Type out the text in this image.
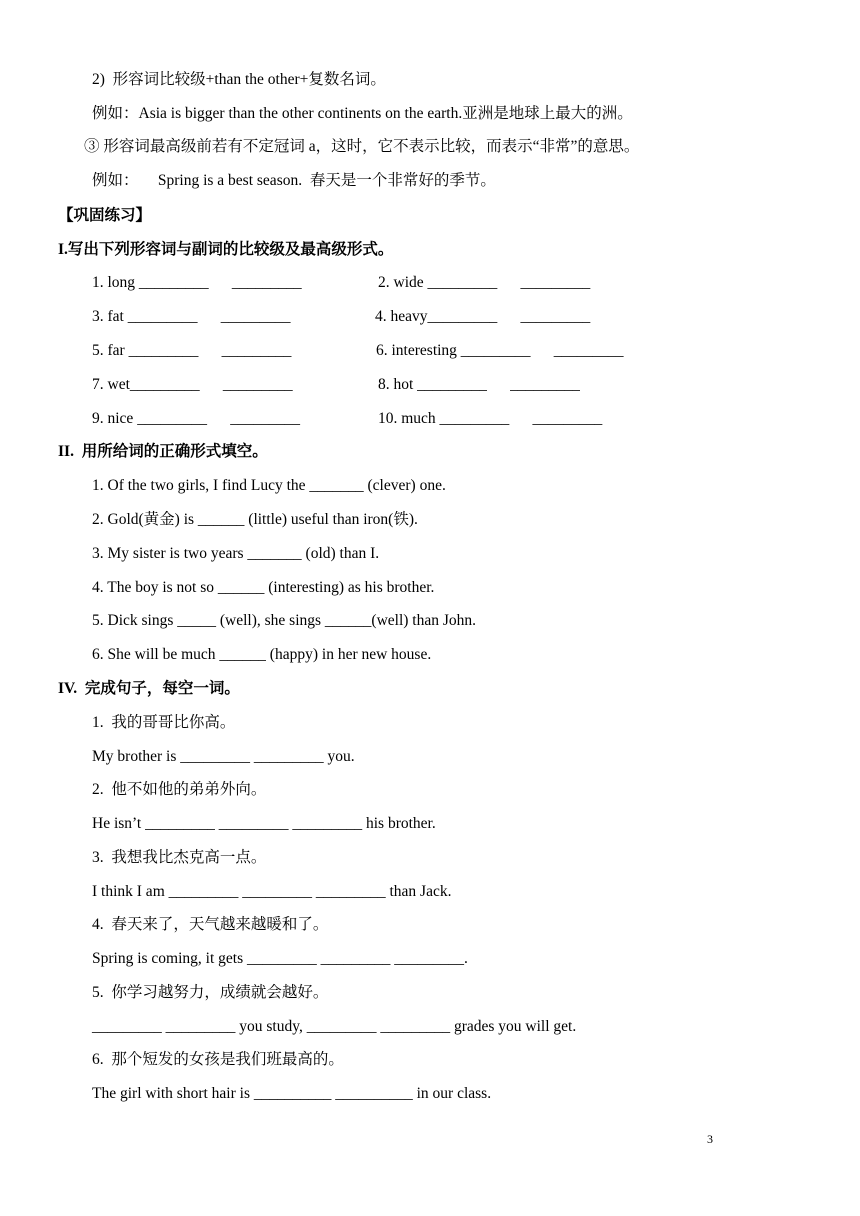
2)  形容词比较级+than the other+复数名词。
例如：Asia is bigger than the other continents on the earth.亚洲是地球上最大的洲。
③ 形容词最高级前若有不定冠词 a，这时，它不表示比较，而表示“非常”的意思。
例如：     Spring is a best season.  春天是一个非常好的季节。
【巩固练习】
I.写出下列形容词与副词的比较级及最高级形式。
1. long _________      _________	2. wide _________      _________
3. fat _________      _________	4. heavy_________      _________
5. far _________      _________	6. interesting _________      _________
7. wet_________      _________	8. hot _________      _________
9. nice _________      _________	10. much _________      _________
II.  用所给词的正确形式填空。
1. Of the two girls, I find Lucy the _______ (clever) one.
2. Gold(黄金) is ______ (little) useful than iron(铁).
3. My sister is two years _______ (old) than I.
4. The boy is not so ______ (interesting) as his brother.
5. Dick sings _____ (well), she sings ______(well) than John.
6. She will be much ______ (happy) in her new house.
IV.  完成句子，每空一词。
1.  我的哥哥比你高。
My brother is _________ _________ you.
2.  他不如他的弟弟外向。
He isn’t _________ _________ _________ his brother.
3.  我想我比杰克高一点。
I think I am _________ _________ _________ than Jack.
4.  春天来了，天气越来越暖和了。
Spring is coming, it gets _________ _________ _________.
5.  你学习越努力，成绩就会越好。
_________ _________ you study, _________ _________ grades you will get.
6.  那个短发的女孩是我们班最高的。
The girl with short hair is __________ __________ in our class.
3
